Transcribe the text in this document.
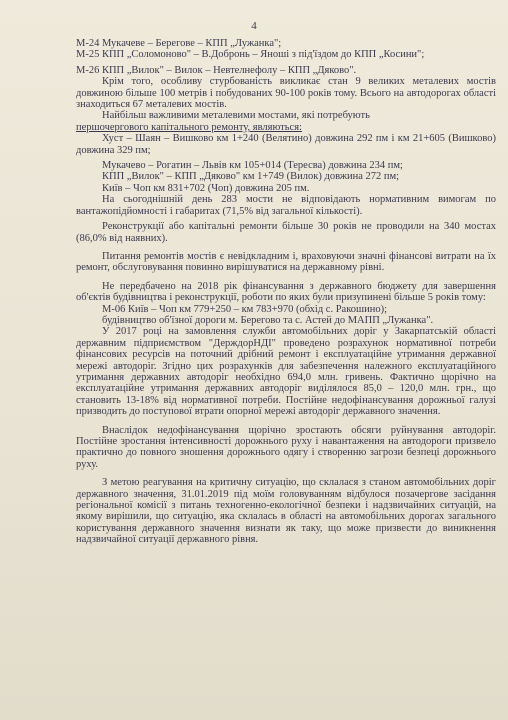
4

М-24 Мукачеве – Берегове – КПП „Лужанка";

М-25 КПП „Соломоново" – В.Добронь – Яноші з під'їздом до КПП „Косини";

М-26 КПП „Вилок" – Вилок – Невтелнефолу – КПП „Дяково".

Крім того, особливу стурбованість викликає стан 9 великих металевих мостів довжиною більше 100 метрів і побудованих 90-100 років тому. Всього на автодорогах області знаходиться 67 металевих мостів.

Найбільш важливими металевими мостами, які потребують

першочергового капітального ремонту, являються:

Хуст – Шаян – Вишково км 1+240 (Велятино) довжина 292 пм і км 21+605 (Вишково) довжина 329 пм;

Мукачево – Рогатин – Львів км 105+014 (Тересва) довжина 234 пм;

КПП „Вилок" – КПП „Дяково" км 1+749 (Вилок) довжина 272 пм;

Київ – Чоп км 831+702 (Чоп) довжина 205 пм.

На сьогоднішній день 283 мости не відповідають нормативним вимогам по вантажопідйомності і габаритах (71,5% від загальної кількості).

Реконструкції або капітальні ремонти більше 30 років не проводили на 340 мостах (86,0% від наявних).

Питання ремонтів мостів є невідкладним і, враховуючи значні фінансові витрати на їх ремонт, обслуговування повинно вирішуватися на державному рівні.

Не передбачено на 2018 рік фінансування з державного бюджету для завершення об'єктів будівництва і реконструкції, роботи по яких були призупинені більше 5 років тому:

М-06 Київ – Чоп км 779+250 – км 783+970 (обхід с. Ракошино);

будівництво об'їзної дороги м. Берегово та с. Астей до МАПП „Лужанка".

У 2017 році на замовлення служби автомобільних доріг у Закарпатській області державним підприємством "ДерждорНДІ" проведено розрахунок нормативної потреби фінансових ресурсів на поточний дрібний ремонт і експлуатаційне утримання державної мережі автодоріг. Згідно цих розрахунків для забезпечення належного експлуатаційного утримання державних автодоріг необхідно 694,0 млн. гривень. Фактично щорічно на експлуатаційне утримання державних автодоріг виділялося 85,0 – 120,0 млн. грн., що становить 13-18% від нормативної потреби. Постійне недофінансування дорожньої галузі призводить до поступової втрати опорної мережі автодоріг державного значення.

Внаслідок недофінансування щорічно зростають обсяги руйнування автодоріг. Постійне зростання інтенсивності дорожнього руху і навантаження на автодороги призвело практично до повного зношення дорожнього одягу і створенню загрози безпеці дорожнього руху.

З метою реагування на критичну ситуацію, що склалася з станом автомобільних доріг державного значення, 31.01.2019 під моїм головуванням відбулося позачергове засідання регіональної комісії з питань техногенно-екологічної безпеки і надзвичайних ситуацій, на якому вирішили, що ситуацію, яка склалась в області на автомобільних дорогах загального користування державного значення визнати як таку, що може призвести до виникнення надзвичайної ситуації державного рівня.
